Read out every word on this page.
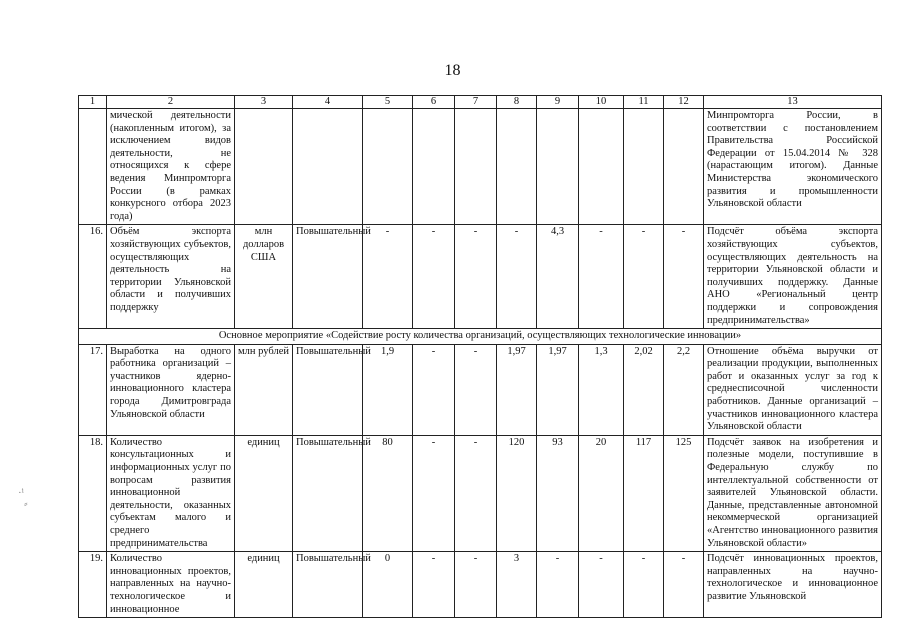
18
1	2	3	4	5	6	7	8	9	10	11	12	13
	мической деятельности (накопленным итогом), за исключением видов деятельности, не относящихся к сфере ведения Минпромторга России (в рамках конкурсного отбора 2023 года)											Минпромторга России, в соответствии с постановлением Правительства Российской Федерации от 15.04.2014 № 328 (нарастающим итогом). Данные Министерства экономического развития и промышленности Ульяновской области
16.	Объём экспорта хозяйствующих субъектов, осуществляющих деятельность на территории Ульяновской области и получивших поддержку	млн долларов США	Повышательный	-	-	-	-	4,3	-	-	-	Подсчёт объёма экспорта хозяйствующих субъектов, осуществляющих деятельность на территории Ульяновской области и получивших поддержку. Данные АНО «Региональный центр поддержки и сопровождения предпринимательства»
Основное мероприятие «Содействие росту количества организаций, осуществляющих технологические инновации»												
17.	Выработка на одного работника организаций – участников ядерно-инновационного кластера города Димитровграда Ульяновской области	млн рублей	Повышательный	1,9	-	-	1,97	1,97	1,3	2,02	2,2	Отношение объёма выручки от реализации продукции, выполненных работ и оказанных услуг за год к среднесписочной численности работников. Данные организаций – участников инновационного кластера Ульяновской области
18.	Количество консультационных и информационных услуг по вопросам развития инновационной деятельности, оказанных субъектам малого и среднего предпринимательства	единиц	Повышательный	80	-	-	120	93	20	117	125	Подсчёт заявок на изобретения и полезные модели, поступившие в Федеральную службу по интеллектуальной собственности от заявителей Ульяновской области. Данные, представленные автономной некоммерческой организацией «Агентство инновационного развития Ульяновской области»
19.	Количество инновационных проектов, направленных на научно-технологическое и инновационное	единиц	Повышательный	0	-	-	3	-	-	-	-	Подсчёт инновационных проектов, направленных на научно-технологическое и инновационное развитие Ульяновской
·ⁱ
⸗
